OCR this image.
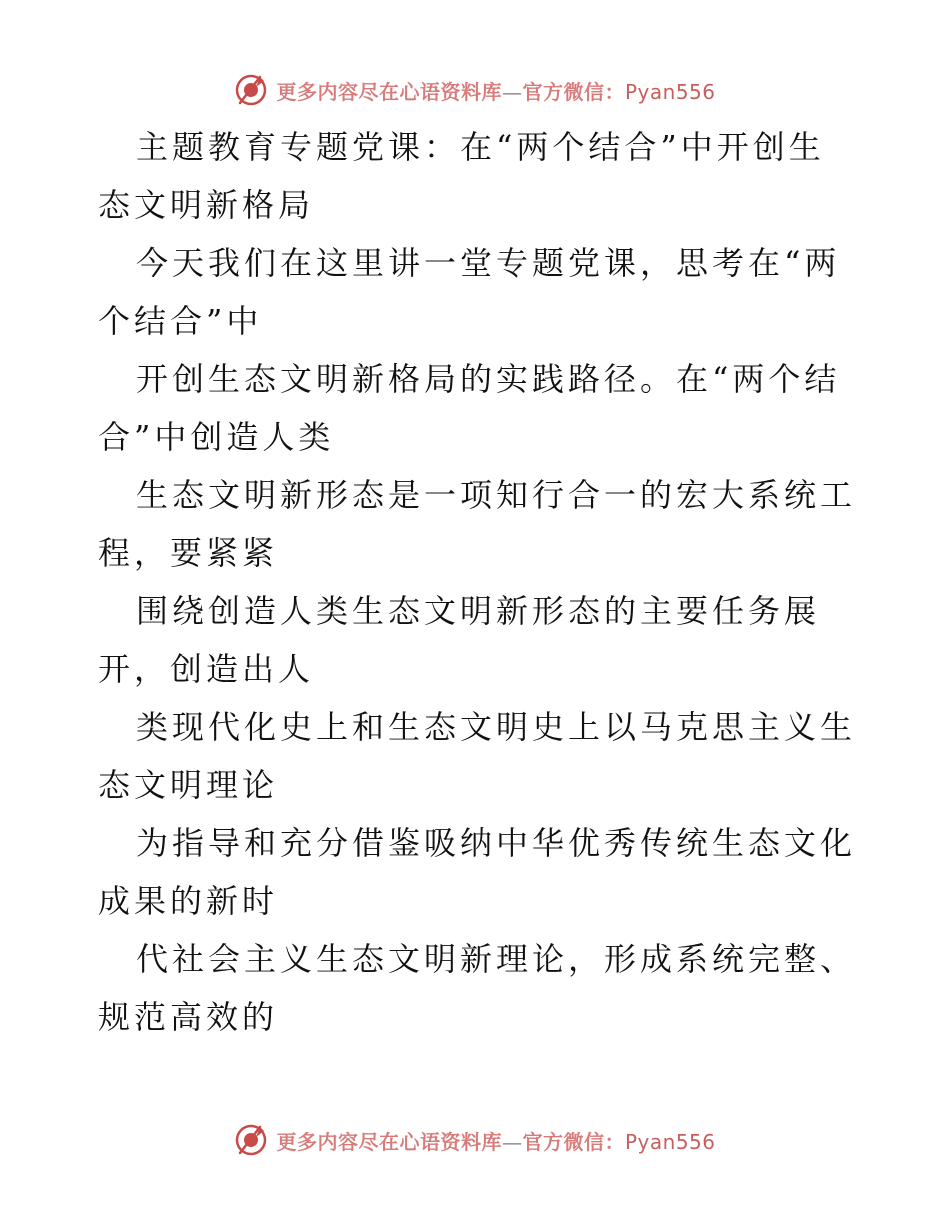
更多内容尽在心语资料库—官方微信：Pyan556

主题教育专题党课：在“两个结合”中开创生态文明新格局

今天我们在这里讲一堂专题党课，思考在“两个结合”中

开创生态文明新格局的实践路径。在“两个结合”中创造人类

生态文明新形态是一项知行合一的宏大系统工程，要紧紧

围绕创造人类生态文明新形态的主要任务展开，创造出人

类现代化史上和生态文明史上以马克思主义生态文明理论

为指导和充分借鉴吸纳中华优秀传统生态文化成果的新时

代社会主义生态文明新理论，形成系统完整、规范高效的

更多内容尽在心语资料库—官方微信：Pyan556
